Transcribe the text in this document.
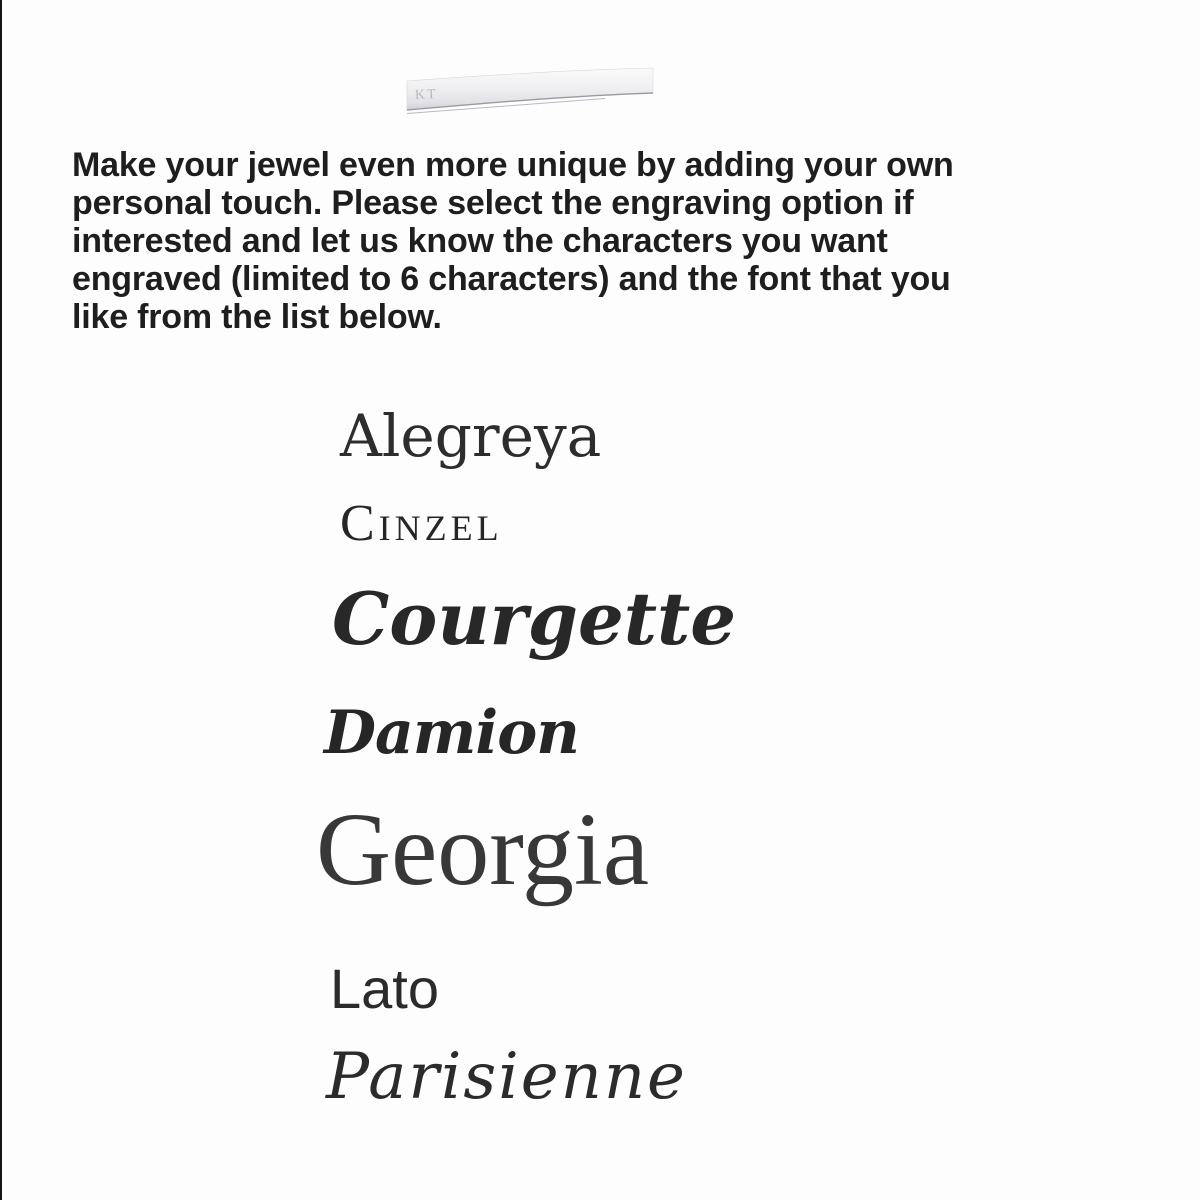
KT
Make your jewel even more unique by adding your own
personal touch. Please select the engraving option if
interested and let us know the characters you want
engraved (limited to 6 characters) and the font that you
like from the list below.
Alegreya
Cinzel
Courgette
Damion
Georgia
Lato
Parisienne
